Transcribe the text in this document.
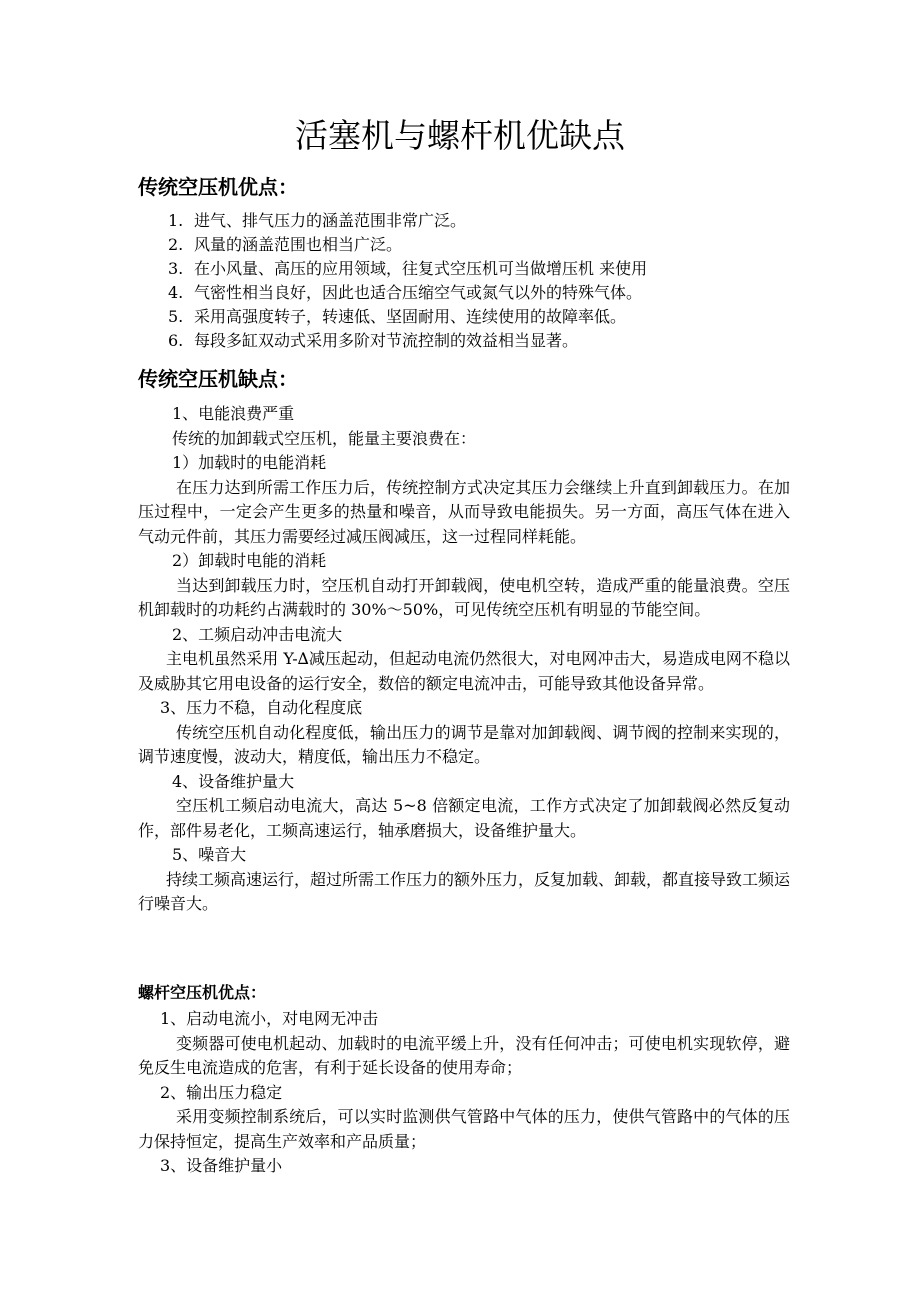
活塞机与螺杆机优缺点
传统空压机优点：
1. 进气、排气压力的涵盖范围非常广泛。
2. 风量的涵盖范围也相当广泛。
3. 在小风量、高压的应用领域，往复式空压机可当做增压机 来使用
4. 气密性相当良好，因此也适合压缩空气或氮气以外的特殊气体。
5. 采用高强度转子，转速低、坚固耐用、连续使用的故障率低。
6. 每段多缸双动式采用多阶对节流控制的效益相当显著。
传统空压机缺点：

1、电能浪费严重

传统的加卸载式空压机，能量主要浪费在：

1）加载时的电能消耗

在压力达到所需工作压力后，传统控制方式决定其压力会继续上升直到卸载压力。在加压过程中，一定会产生更多的热量和噪音，从而导致电能损失。另一方面，高压气体在进入气动元件前，其压力需要经过减压阀减压，这一过程同样耗能。

2）卸载时电能的消耗

当达到卸载压力时，空压机自动打开卸载阀，使电机空转，造成严重的能量浪费。空压机卸载时的功耗约占满载时的 30%～50%，可见传统空压机有明显的节能空间。

2、工频启动冲击电流大

主电机虽然采用 Y-∆减压起动，但起动电流仍然很大，对电网冲击大，易造成电网不稳以及威胁其它用电设备的运行安全，数倍的额定电流冲击，可能导致其他设备异常。

3、压力不稳，自动化程度底

传统空压机自动化程度低，输出压力的调节是靠对加卸载阀、调节阀的控制来实现的，调节速度慢，波动大，精度低，输出压力不稳定。

4、设备维护量大

空压机工频启动电流大，高达 5~8 倍额定电流，工作方式决定了加卸载阀必然反复动作，部件易老化，工频高速运行，轴承磨损大，设备维护量大。

5、噪音大

持续工频高速运行，超过所需工作压力的额外压力，反复加载、卸载，都直接导致工频运行噪音大。

螺杆空压机优点：

1、启动电流小，对电网无冲击

变频器可使电机起动、加载时的电流平缓上升，没有任何冲击；可使电机实现软停，避免反生电流造成的危害，有利于延长设备的使用寿命；

2、输出压力稳定

采用变频控制系统后，可以实时监测供气管路中气体的压力，使供气管路中的气体的压力保持恒定，提高生产效率和产品质量；

3、设备维护量小
